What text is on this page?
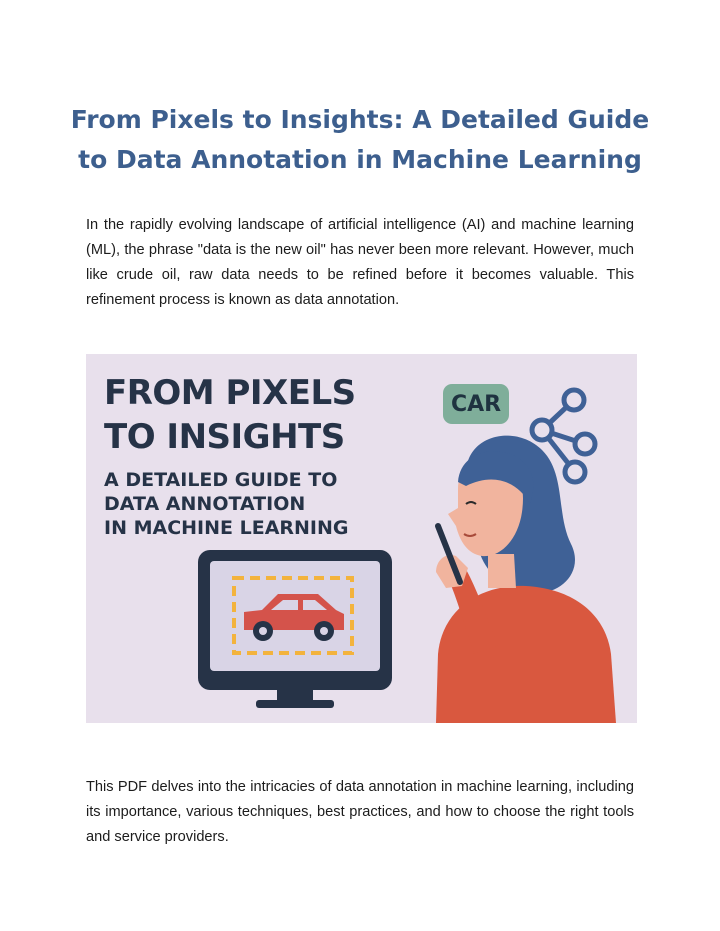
From Pixels to Insights: A Detailed Guide
to Data Annotation in Machine Learning

In the rapidly evolving landscape of artificial intelligence (AI) and machine learning (ML), the phrase "data is the new oil" has never been more relevant. However, much like crude oil, raw data needs to be refined before it becomes valuable. This refinement process is known as data annotation.

FROM PIXELS
TO INSIGHTS
A DETAILED GUIDE TO
DATA ANNOTATION
IN MACHINE LEARNING
CAR

This PDF delves into the intricacies of data annotation in machine learning, including its importance, various techniques, best practices, and how to choose the right tools and service providers.
